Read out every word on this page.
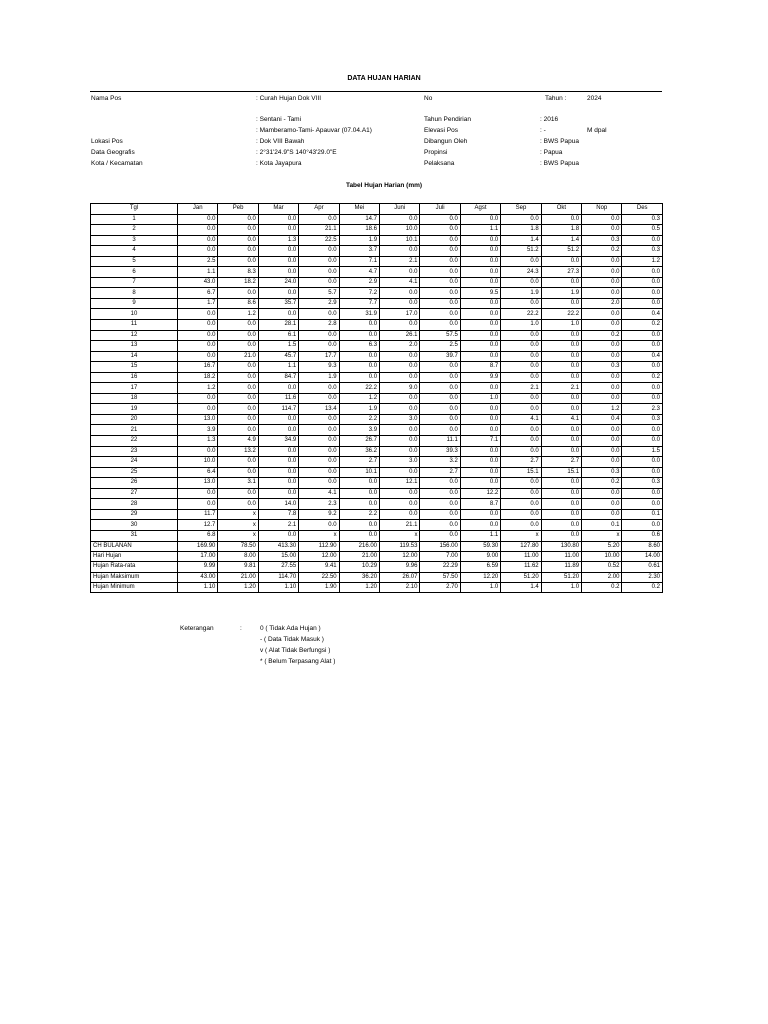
DATA HUJAN HARIAN
Nama Pos	: Curah Hujan Dok VIII	No	Tahun :	2024
: Sentani - Tami	Tahun Pendirian	: 2016
: Mamberamo-Tami- Apauvar (07.04.A1)	Elevasi Pos	: -	M dpal
Lokasi Pos	: Dok VIII Bawah	Dibangun Oleh	: BWS Papua
Data Geografis	: 2°31'24.9"S 140°43'29.0"E	Propinsi	: Papua
Kota / Kecamatan	: Kota Jayapura	Pelaksana	: BWS Papua
Tabel Hujan Harian (mm)
Tgl	Jan	Peb	Mar	Apr	Mei	Juni	Juli	Agst	Sep	Okt	Nop	Des
1	0.0	0.0	0.0	0.0	14.7	0.0	0.0	0.0	0.0	0.0	0.0	0.3
2	0.0	0.0	0.0	21.1	18.6	10.0	0.0	1.1	1.8	1.8	0.0	0.5
3	0.0	0.0	1.3	22.5	1.9	10.1	0.0	0.0	1.4	1.4	0.3	0.0
4	0.0	0.0	0.0	0.0	3.7	0.0	0.0	0.0	51.2	51.2	0.2	0.3
5	2.5	0.0	0.0	0.0	7.1	2.1	0.0	0.0	0.0	0.0	0.0	1.2
6	1.1	8.3	0.0	0.0	4.7	0.0	0.0	0.0	24.3	27.3	0.0	0.0
7	43.0	18.2	24.0	0.0	2.9	4.1	0.0	0.0	0.0	0.0	0.0	0.0
8	6.7	0.0	0.0	5.7	7.2	0.0	0.0	9.5	1.9	1.9	0.0	0.0
9	1.7	8.6	35.7	2.9	7.7	0.0	0.0	0.0	0.0	0.0	2.0	0.0
10	0.0	1.2	0.0	0.0	31.9	17.0	0.0	0.0	22.2	22.2	0.0	0.4
11	0.0	0.0	28.1	2.8	0.0	0.0	0.0	0.0	1.0	1.0	0.0	0.2
12	0.0	0.0	6.1	0.0	0.0	26.1	57.5	0.0	0.0	0.0	0.2	0.0
13	0.0	0.0	1.5	0.0	6.3	2.0	2.5	0.0	0.0	0.0	0.0	0.0
14	0.0	21.0	45.7	17.7	0.0	0.0	39.7	0.0	0.0	0.0	0.0	0.4
15	16.7	0.0	1.1	9.3	0.0	0.0	0.0	8.7	0.0	0.0	0.3	0.0
16	18.2	0.0	84.7	1.9	0.0	0.0	0.0	9.9	0.0	0.0	0.0	0.2
17	1.2	0.0	0.0	0.0	22.2	9.0	0.0	0.0	2.1	2.1	0.0	0.0
18	0.0	0.0	11.6	0.0	1.2	0.0	0.0	1.0	0.0	0.0	0.0	0.0
19	0.0	0.0	114.7	13.4	1.9	0.0	0.0	0.0	0.0	0.0	1.2	2.3
20	13.0	0.0	0.0	0.0	2.2	3.0	0.0	0.0	4.1	4.1	0.4	0.3
21	3.9	0.0	0.0	0.0	3.9	0.0	0.0	0.0	0.0	0.0	0.0	0.0
22	1.3	4.9	34.9	0.0	26.7	0.0	11.1	7.1	0.0	0.0	0.0	0.0
23	0.0	13.2	0.0	0.0	36.2	0.0	39.3	0.0	0.0	0.0	0.0	1.5
24	10.0	0.0	0.0	0.0	2.7	3.0	3.2	0.0	2.7	2.7	0.0	0.0
25	6.4	0.0	0.0	0.0	10.1	0.0	2.7	0.0	15.1	15.1	0.3	0.0
26	13.0	3.1	0.0	0.0	0.0	12.1	0.0	0.0	0.0	0.0	0.2	0.3
27	0.0	0.0	0.0	4.1	0.0	0.0	0.0	12.2	0.0	0.0	0.0	0.0
28	0.0	0.0	14.0	2.3	0.0	0.0	0.0	8.7	0.0	0.0	0.0	0.0
29	11.7	x	7.8	9.2	2.2	0.0	0.0	0.0	0.0	0.0	0.0	0.1
30	12.7	x	2.1	0.0	0.0	21.1	0.0	0.0	0.0	0.0	0.1	0.0
31	6.8	x	0.0	x	0.0	x	0.0	1.1	x	0.0	x	0.6
CH BULANAN	169.90	78.50	413.30	112.90	216.00	119.53	156.00	59.30	127.80	130.80	5.20	8.60
Hari Hujan	17.00	8.00	15.00	12.00	21.00	12.00	7.00	9.00	11.00	11.00	10.00	14.00
Hujan Rata-rata	9.99	9.81	27.55	9.41	10.29	9.96	22.29	6.59	11.62	11.89	0.52	0.61
Hujan Maksimum	43.00	21.00	114.70	22.50	36.20	26.07	57.50	12.20	51.20	51.20	2.00	2.30
Hujan Minimum	1.10	1.20	1.10	1.90	1.20	2.10	2.70	1.0	1.4	1.0	0.2	0.2
Keterangan	:	0 ( Tidak Ada Hujan )
- ( Data Tidak Masuk )
v ( Alat Tidak Berfungsi )
* ( Belum Terpasang Alat )
